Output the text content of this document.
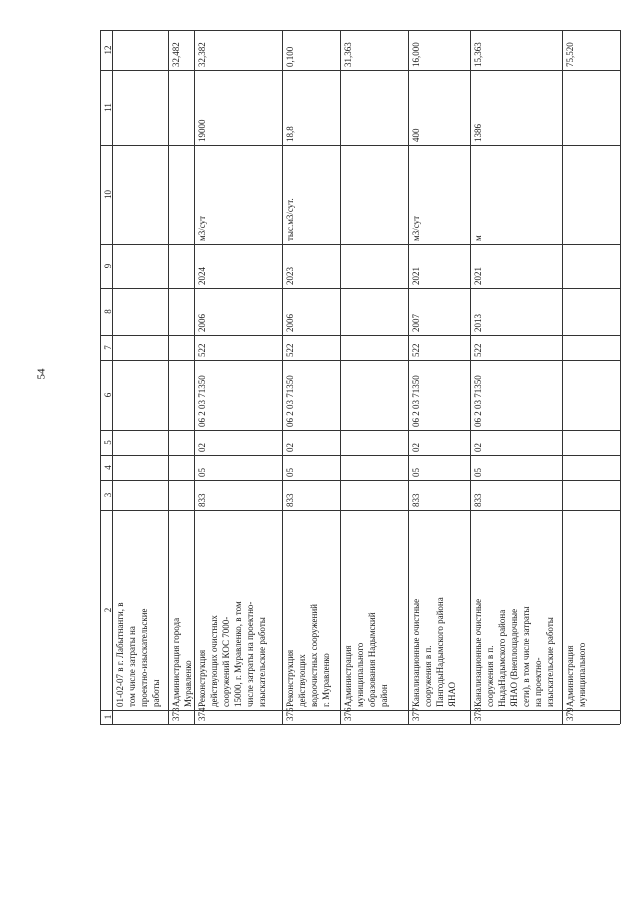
54
1
2
3
4
5
6
7
8
9
10
11
12
01-02-07 в г. Лабытнанги, в
том числе затраты на
проектно-изыскательские
работы
373
Администрация города
Муравленко
32,482
374
Реконструкция
действующих очистных
сооружений КОС 7000-
15000, г. Муравленко, в том
числе затраты на проектно-
изыскательские работы
833
05
02
06 2 03 71350
522
2006
2024
м3/сут
19000
32,382
375
Реконструкция
действующих
водоочистных сооружений
г. Муравленко
833
05
02
06 2 03 71350
522
2006
2023
тыс.м3/сут.
18,8
0,100
376
Администрация
муниципального
образования Надымский
район
31,363
377
Канализационные очистные
сооружения в п.
ПангодыНадымского района
ЯНАО
833
05
02
06 2 03 71350
522
2007
2021
м3/сут
400
16,000
378
Канализационные очистные
сооружения в п.
НыдаНадымского района
ЯНАО (Внеплощадочные
сети), в том числе затраты
на проектно-
изыскательские работы
833
05
02
06 2 03 71350
522
2013
2021
м
1386
15,363
379
Администрация
муниципального
75,520
